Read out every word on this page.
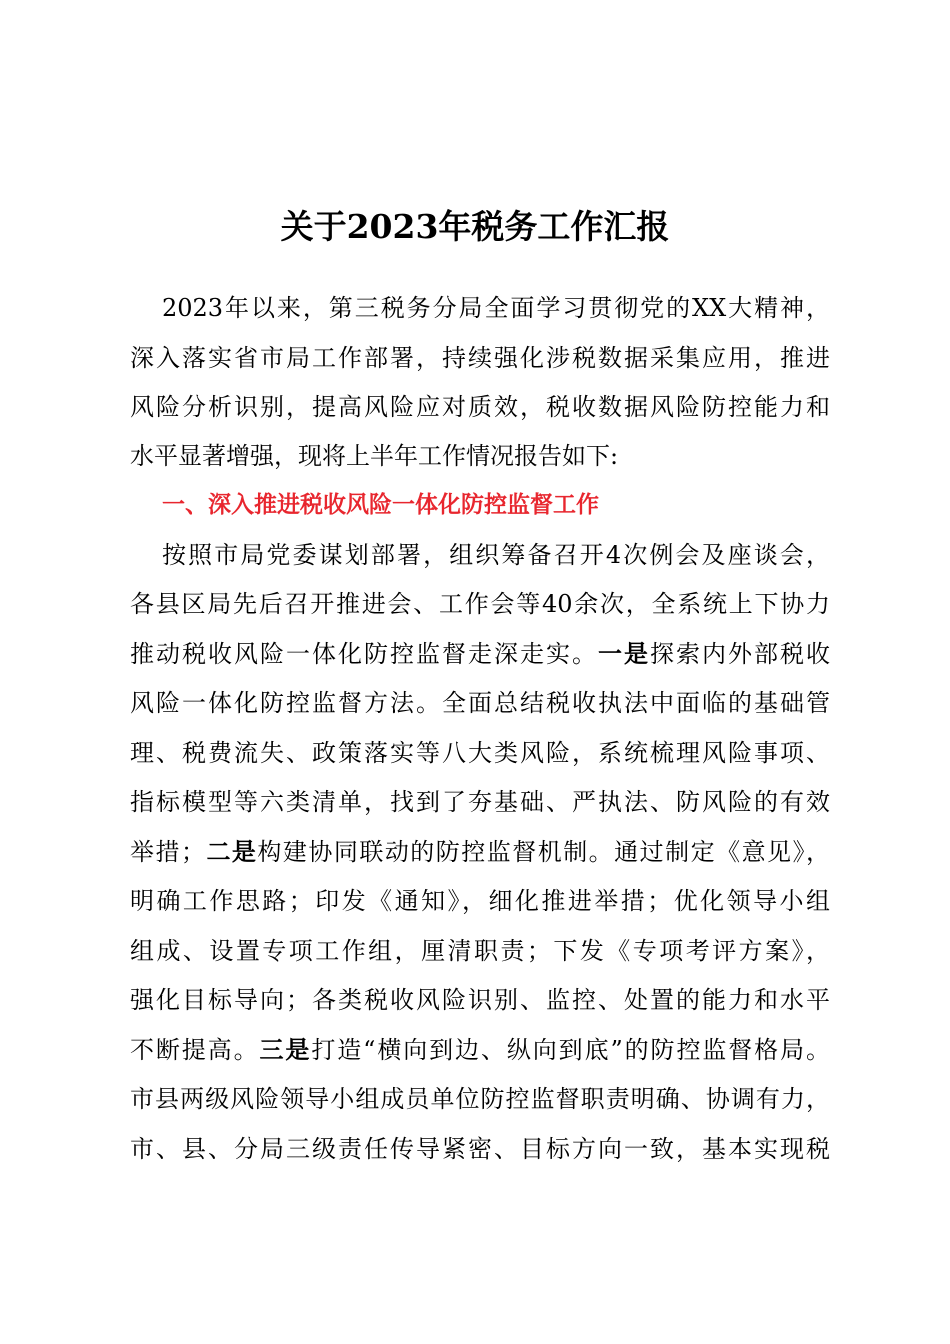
关于2023年税务工作汇报
2023年以来，第三税务分局全面学习贯彻党的XX大精神，
深入落实省市局工作部署，持续强化涉税数据采集应用，推进
风险分析识别，提高风险应对质效，税收数据风险防控能力和
水平显著增强，现将上半年工作情况报告如下:
一、深入推进税收风险一体化防控监督工作
按照市局党委谋划部署，组织筹备召开4次例会及座谈会，
各县区局先后召开推进会、工作会等40余次，全系统上下协力
推动税收风险一体化防控监督走深走实。一是探索内外部税收
风险一体化防控监督方法。全面总结税收执法中面临的基础管
理、税费流失、政策落实等八大类风险，系统梳理风险事项、
指标模型等六类清单，找到了夯基础、严执法、防风险的有效
举措；二是构建协同联动的防控监督机制。通过制定《意见》，
明确工作思路；印发《通知》，细化推进举措；优化领导小组
组成、设置专项工作组，厘清职责；下发《专项考评方案》，
强化目标导向；各类税收风险识别、监控、处置的能力和水平
不断提高。三是打造“横向到边、纵向到底”的防控监督格局。
市县两级风险领导小组成员单位防控监督职责明确、协调有力，
市、县、分局三级责任传导紧密、目标方向一致，基本实现税
